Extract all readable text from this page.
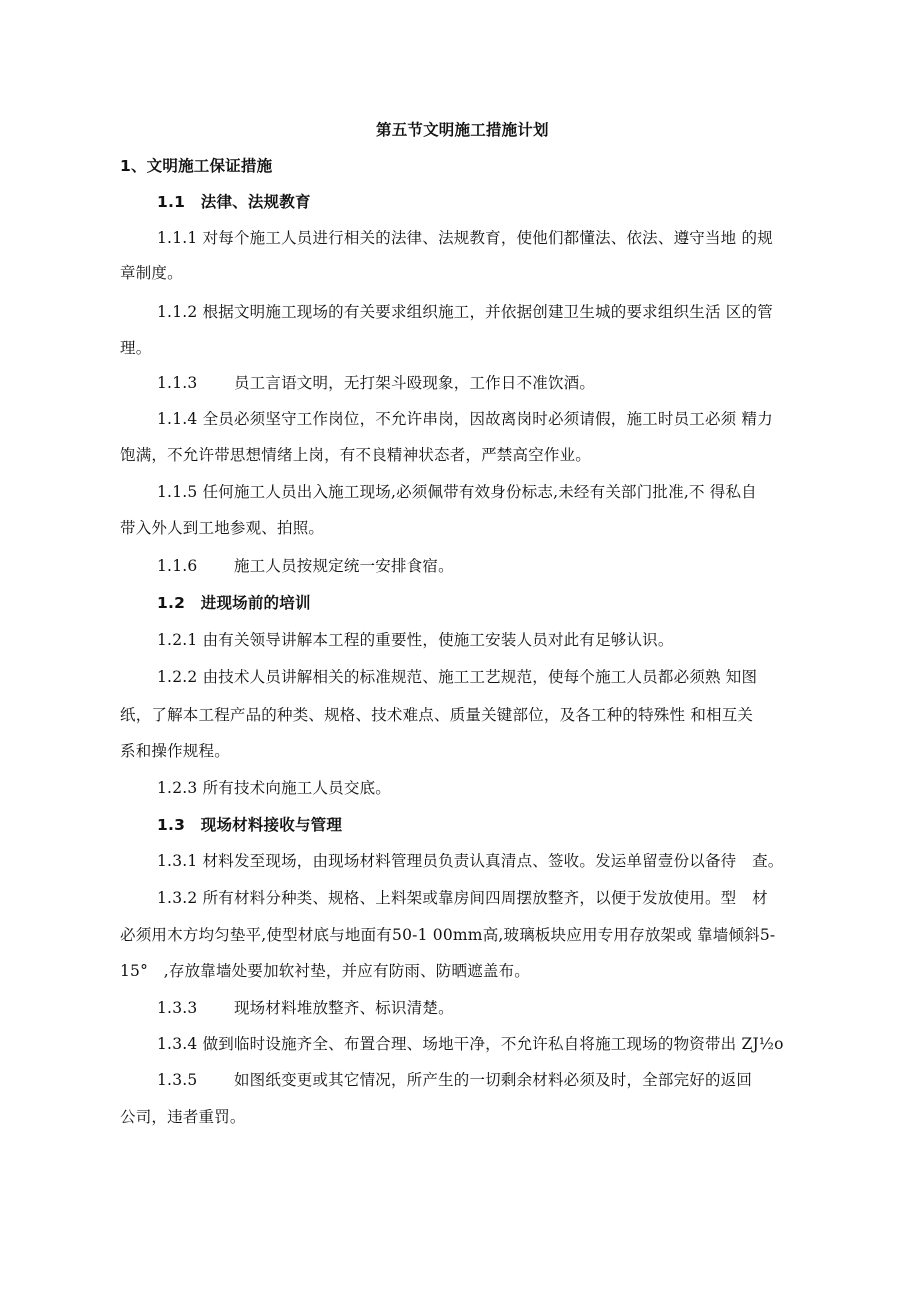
第五节文明施工措施计划
1、文明施工保证措施
1.1　法律、法规教育
1.1.1 对每个施工人员进行相关的法律、法规教育，使他们都懂法、依法、遵守当地 的规
章制度。
1.1.2 根据文明施工现场的有关要求组织施工，并依据创建卫生城的要求组织生活 区的管
理。
1.1.3　　 员工言语文明，无打架斗殴现象，工作日不准饮酒。
1.1.4 全员必须坚守工作岗位，不允许串岗，因故离岗时必须请假，施工时员工必须 精力
饱满，不允许带思想情绪上岗，有不良精神状态者，严禁高空作业。
1.1.5 任何施工人员出入施工现场,必须佩带有效身份标志,未经有关部门批准,不 得私自
带入外人到工地参观、拍照。
1.1.6　　 施工人员按规定统一安排食宿。
1.2　进现场前的培训
1.2.1 由有关领导讲解本工程的重要性，使施工安装人员对此有足够认识。
1.2.2 由技术人员讲解相关的标准规范、施工工艺规范，使每个施工人员都必须熟 知图
纸，了解本工程产品的种类、规格、技术难点、质量关键部位，及各工种的特殊性 和相互关
系和操作规程。
1.2.3 所有技术向施工人员交底。
1.3　现场材料接收与管理
1.3.1 材料发至现场，由现场材料管理员负责认真清点、签收。发运单留壹份以备待　查。
1.3.2 所有材料分种类、规格、上料架或靠房间四周摆放整齐，以便于发放使用。型　材
必须用木方均匀垫平,使型材底与地面有50-1 00mm高,玻璃板块应用专用存放架或 靠墙倾斜5-
15°　,存放靠墙处要加软衬垫，并应有防雨、防晒遮盖布。
1.3.3　　 现场材料堆放整齐、标识清楚。
1.3.4 做到临时设施齐全、布置合理、场地干净，不允许私自将施工现场的物资带出 ZJ½o
1.3.5　　 如图纸变更或其它情况，所产生的一切剩余材料必须及时，全部完好的返回
公司，违者重罚。
